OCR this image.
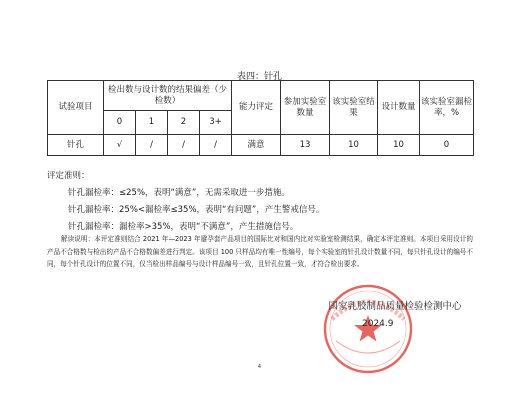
表四：针孔
试验项目	检出数与设计数的结果偏差（少检数）				能力评定	参加实验室数量	该实验室结果	设计数量	该实验室漏检率，%
	0	1	2	3+					
针孔	√	/	/	/	满意	13	10	10	0
评定准则：
针孔漏检率：≤25%，表明“满意”，无需采取进一步措施。
针孔漏检率：25%<漏检率≤35%，表明“有问题”，产生警戒信号。
针孔漏检率：漏检率>35%，表明“不满意”，产生措施信号。
解读说明：本评定准则结合 2021 年—2023 年避孕套产品项目的国际比对和国内比对实验室检测结果，确定本评定准则。本项目采用设计的产品不合格数与检出的产品不合格数偏差进行判定。该项目 100 只样品均有唯一性编号，每个实验室的针孔设计数量不同，每只针孔设计的编号不同，每个针孔设计的位置不同，仅当检出样品编号与设计样品编号一致，且针孔位置一致，才符合检出要求。
国家乳胶制品质量检验检测中心
2024.9
4
